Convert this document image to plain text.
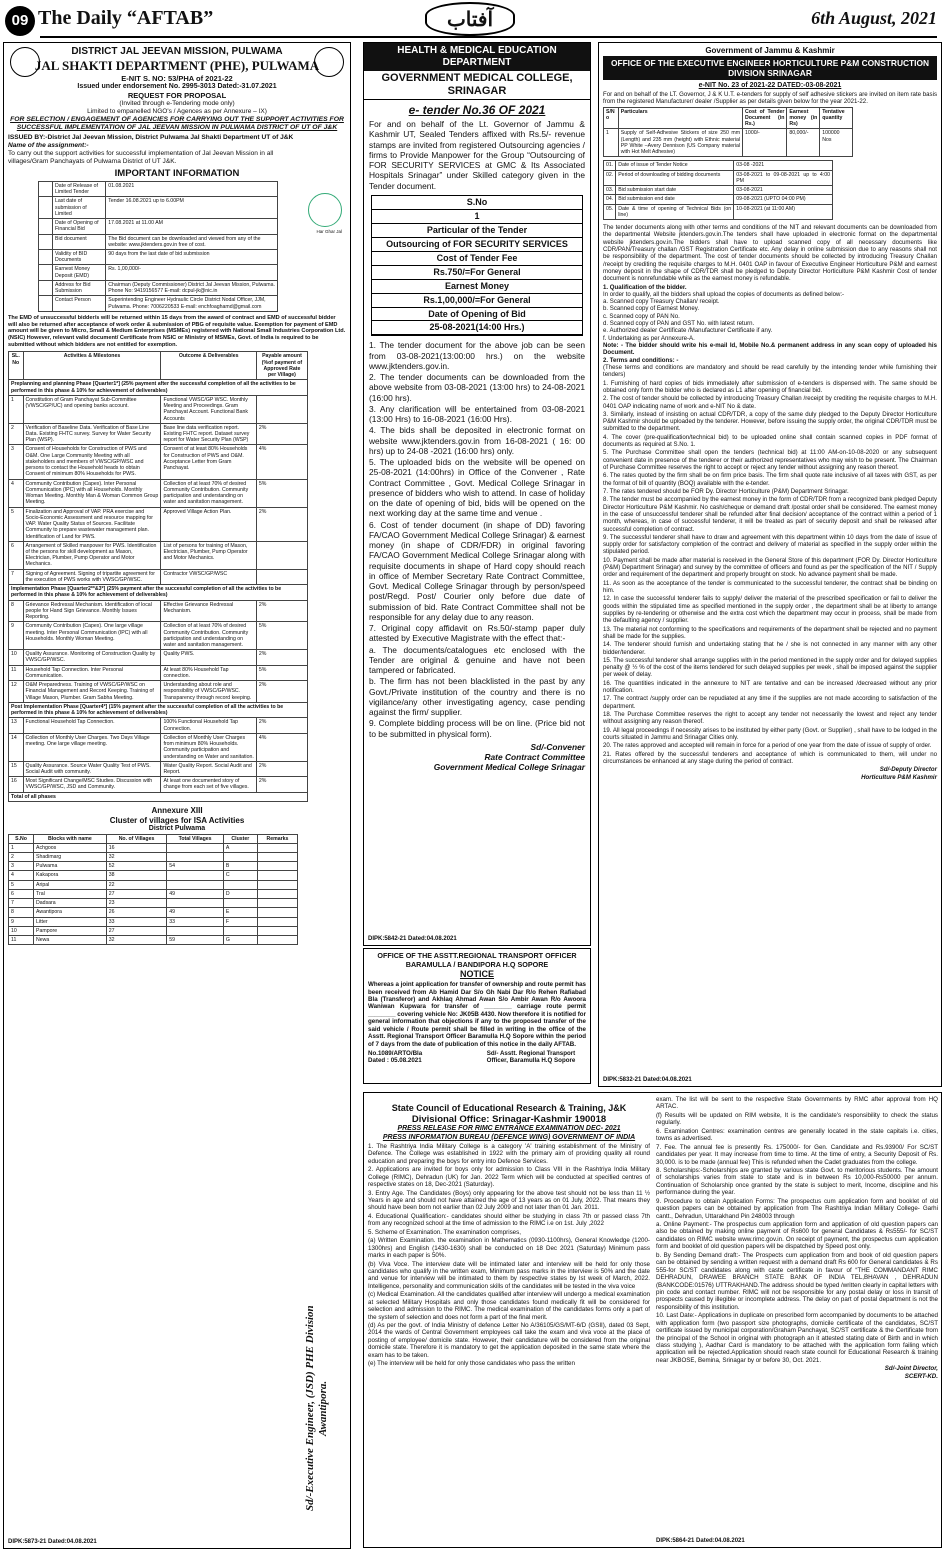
09 The Daily “AFTAB”	آفتاب	6th August, 2021
DISTRICT JAL JEEVAN MISSION, PULWAMA
JAL SHAKTI DEPARTMENT (PHE), PULWAMA
E-NIT S. NO: 53/PHA of 2021-22
Issued under endorsement No. 2995-3013 Dated:-31.07.2021
REQUEST FOR PROPOSAL
(Invited through e-Tendering mode only)
Limited to empanelled NGO's / Agences as per Annexure – IX)
FOR SELECTION / ENGAGEMENT OF AGENCIES FOR CARRYING OUT THE SUPPORT ACTIVITIES FOR SUCCESSFUL IMPLEMENTATION OF JAL JEEVAN MISSION IN PULWAMA DISTRICT OF UT OF J&K
ISSUED BY:-District Jal Jeevan Mission, District Pulwama Jal Shakti Department UT of J&K
Name of the assignment:-
To carry out the support activities for successful implementation of Jal Jeevan Mission in all villages/Gram Panchayats of Pulwama District of UT J&K.
Har Ghar Jal
IMPORTANT INFORMATION
	Date of Release of Limited Tender	01.08.2021
	Last date of submission of Limited	Tender 16.08.2021 up to 6.00PM
	Date of Opening of Financial Bid	17.08.2021 at 11.00 AM
	Bid document	The Bid document can be downloaded and viewed from any of the website: www.jktenders.gov.in free of cost.
	Validity of BID Documents	90 days from the last date of bid submission
	Earnest Money Deposit (EMD)	Rs. 1,00,000/-
	Address for Bid Submission	Chairman (Deputy Commissioner) District Jal Jeevan Mission, Pulwama. Phone No: 9419156577 E-mail: dcpul-jk@nic.in
	Contact Person	Superintending Engineer Hydraulic Circle District Nodal Officer, JJM, Pulwama. Phone: 7006220533 E-mail: enchfoaghamd@gmail.com
The EMD of unsuccessful bidder/s will be returned within 15 days from the award of contract and EMD of successful bidder will also be returned after acceptance of work order & submission of PBG of requisite value. Exemption for payment of EMD amount will be given to Micro, Small & Medium Enterprises (MSMEs) registered with National Small Industries Corporation Ltd.(NSIC) However, relevant valid document/ Certificate from NSIC or Ministry of MSMEs, Govt. of India is required to be submitted without which bidders are not entitled for exemption.
SL. No	Activities & Milestones	Outcome & Deliverables	Payable amount (%of payment of Approved Rate per Village)
Preplanning and planning Phase [Quarter1*] (25% payment after the successful completion of all the activities to be performed in this phase & 10% for achievement of deliverables)			
1	Constitution of Gram Panchayat Sub-Committee (VWSC/GP/UC) and opening banks account.	Functional VWSC/GP WSC. Monthly Meeting and Proceedings. Gram Panchayat Account. Functional Bank Accounts	
2	Verification of Baseline Data. Verification of Base Line Data. Existing FHTC survey. Survey for Water Security Plan (WSP).	Base line data verification report. Existing FHTC report. Dataset survey report for Water Security Plan (WSP)	2%
3	Consent of Households for Construction of PWS and O&M. One Large Community Meeting with all stakeholders and members of VWSC/GP/WSC and persons to contact the Household heads to obtain Consent of minimum 80% Households for PWS.	Consent of at least 80% Households for Construction of PWS and O&M. Acceptance Letter from Gram Panchayat.	4%
4	Community Contribution (Capex). Inter Personal Communication (IPC) with all Households. Monthly Woman Meeting. Monthly Man & Woman Common Group Meeting.	Collection of at least 70% of desired Community Contribution. Community participation and understanding on water and sanitation management.	5%
5	Finalization and Approval of VAP. PRA exercise and Socio-Economic Assessment and resource mapping for VAP. Water Quality Status of Sources. Facilitate Community to prepare wastewater management plan. Identification of Land for PWS.	Approved Village Action Plan.	2%
6	Arrangement of Skilled manpower for PWS. Identification of the persons for skill development as Mason, Electrician, Plumber, Pump Operator and Motor Mechanics.	List of persons for training of Mason, Electrician, Plumber, Pump Operator and Motor Mechanics.	
7	Signing of Agreement. Signing of tripartite agreement for the execution of PWS works with VWSC/GP/WSC.	Contractor VWSC/GP/WSC	
Implementation Phase [Quarter2**&3*] (25% payment after the successful completion of all the activities to be performed in this phase & 10% for achievement of deliverables)			
8	Grievance Redressal Mechanism. Identification of local people for Hand Sign Grievance. Monthly Issues Reporting.	Effective Grievance Redressal Mechanism.	2%
9	Community Contribution (Capex). One large village meeting. Inter Personal Communication (IPC) with all Households. Monthly Woman Meeting.	Collection of at least 70% of desired Community Contribution. Community participation and understanding on water and sanitation management.	5%
10	Quality Assurance. Monitoring of Construction Quality by VWSC/GP/WSC.	Quality PWS.	2%
11	Household Tap Connection. Inter Personal Communication.	At least 80% Household Tap connection.	5%
12	O&M Preparedness. Training of VWSC/GP/WSC on Financial Management and Record Keeping. Training of Village Mason, Plumber. Gram Sabha Meeting.	Understanding about role and responsibility of VWSC/GP/WSC. Transparency through record keeping.	2%
Post Implementation Phase [Quarter4*] (15% payment after the successful completion of all the activities to be performed in this phase & 10% for achievement of deliverables)			
13	Functional Household Tap Connection.	100% Functional Household Tap Connection.	2%
14	Collection of Monthly User Charges. Two Days Village meeting. One large village meeting.	Collection of Monthly User Charges from minimum 80% Households. Community participation and understanding on Water and sanitation.	4%
15	Quality Assurance. Source Water Quality Test of PWS. Social Audit with community.	Water Quality Report. Social Audit and Report.	2%
16	Most Significant Change/MSC Studies. Discussion with VWSC/GP/WSC, JSD and Community.	At least one documented story of change from each set of five villages.	2%
Total of all phases			
Annexure XIII
Cluster of villages for ISA Activities
District Pulwama
S.No	Blocks with name	No. of Villages	Total Villages	Cluster	Remarks
1	Achgoos	16		A	
2	Shadimarg	32			
3	Pulwama	52	54	B	
4	Kakapora	38		C	
5	Aripal	22			
6	Tral	27	49	D	
7	Dadsara	23			
8	Awantipora	26	49	E	
9	Litter	33	33	F	
10	Pampore	27			
11	Newa	32	59	G	
Sd/-Executive Engineer, (JSD) PHE Division Awantipora.
DIPK:5873-21 Dated:04.08.2021
HEALTH & MEDICAL EDUCATION DEPARTMENT
GOVERNMENT MEDICAL COLLEGE, SRINAGAR
e- tender No.36 OF 2021

For and on behalf of the Lt. Governor of Jammu & Kashmir UT, Sealed Tenders affixed with Rs.5/- revenue stamps are invited from registered Outsourcing agencies / firms to Provide Manpower for the Group “Outsourcing of FOR SECURITY SERVICES at GMC & Its Associated Hospitals Srinagar” under Skilled category given in the Tender document.

S.No
1
Particular of the Tender
Outsourcing of FOR SECURITY SERVICES
Cost of Tender Fee
Rs.750/=For General
Earnest Money
Rs.1,00,000/=For General
Date of Opening of Bid
25-08-2021(14:00 Hrs.)

1. The tender document for the above job can be seen from 03-08-2021(13:00:00 hrs.) on the website www.jktenders.gov.in.

2. The tender documents can be downloaded from the above website from 03-08-2021 (13:00 hrs) to 24-08-2021 (16:00 hrs).

3. Any clarification will be entertained from 03-08-2021 (13:00 Hrs) to 16-08-2021 (16:00 Hrs).

4. The bids shall be deposited in electronic format on website www.jktenders.gov.in from 16-08-2021 ( 16: 00 hrs) up to 24-08 -2021 (16:00 hrs) only.

5. The uploaded bids on the website will be opened on 25-08-2021 (14:00hrs) in Office of the Convener , Rate Contract Committee , Govt. Medical College Srinagar in presence of bidders who wish to attend. In case of holiday on the date of opening of bid, bids will be opened on the next working day at the same time and venue .

6. Cost of tender document (in shape of DD) favoring FA/CAO Government Medical College Srinagar) & earnest money (in shape of CDR/FDR) in original favoring FA/CAO Government Medical College Srinagar along with requisite documents in shape of Hard copy should reach in office of Member Secretary Rate Contract Committee, Govt. Medical College Srinagar through by person/speed post/Regd. Post/ Courier only before due date of submission of bid. Rate Contract Committee shall not be responsible for any delay due to any reason.

7. Original copy affidavit on Rs.50/-stamp paper duly attested by Executive Magistrate with the effect that:-

a. The documents/catalogues etc enclosed with the Tender are original & genuine and have not been tampered or fabricated.

b. The firm has not been blacklisted in the past by any Govt./Private institution of the country and there is no vigilance/any other investigating agency, case pending against the firm/ supplier.

9. Complete bidding process will be on line. (Price bid not to be submitted in physical form).

Sd/-Convener
Rate Contract Committee
Government Medical College Srinagar
DIPK:5842-21 Dated:04.08.2021
OFFICE OF THE ASSTT.REGIONAL TRANSPORT OFFICER BARAMULLA / BANDIPORA H.Q SOPORE
NOTICE

Whereas a joint application for transfer of ownership and route permit has been received from Ab Hamid Dar S/o Gh Nabi Dar R/o Rehen Rafiabad Bla (Transferor) and Akhlaq Ahmad Awan S/o Ambir Awan R/o Awoora Waniwan Kupwara for transfer of ________ carriage route permit ________ covering vehicle No: JK05B 4430. Now therefore it is notified for general information that objections if any to the proposed transfer of the said vehicle / Route permit shall be filled in writing in the office of the Asstt. Regional Transport Officer Baramulla H.Q Sopore within the period of 7 days from the date of publication of this notice in the daily AFTAB.

No.1089/ARTO/Bla
Dated : 05.08.2021
Sd/- Asstt. Regional Transport Officer, Baramulla H.Q Sopore
Government of Jammu & Kashmir
OFFICE OF THE EXECUTIVE ENGINEER HORTICULTURE P&M CONSTRUCTION DIVISION SRINAGAR
e-NIT No. 23 of 2021-22 DATED:-03-08-2021

For and on behalf of the LT. Governor, J & K U.T. e-tenders for supply of self adhesive stickers are invited on item rate basis from the registered Manufacturer/ dealer /Supplier as per details given below for the year 2021-22.

S/N o	Particulars	Cost of Tender Document (in Rs.)	Earnest money (in Rs)	Tentative quantity
1	Supply of Self-Adhesive Stickers of size 250 mm (Length) and 235 mm (height) with Ethnic material PP White –Avery Dennison (US Company material with Hot Melt Adhesive)	1000/-	80,000/-	100000 Nos
01.	Date of issue of Tender Notice	03-08 -2021
02.	Period of downloading of bidding documents	03-08-2021 to 09-08-2021 up to 4:00 PM
03.	Bid submission start date	03-08-2021
04.	Bid submission end date	09-08-2021 (UPTO 04:00 PM)
05.	Date & time of opening of Technical Bids (on line)	10-08-2021 (at 11:00 AM)

The tender documents along with other terms and conditions of the NIT and relevant documents can be downloaded from the departmental Website jktenders.gov.in.The tenders shall have uploaded in electronic format on the departmental website jktenders.gov.in.The bidders shall have to upload scanned copy of all necessary documents like CDR/PAN/Treasury challan /GST Registration Certificate etc. Any delay in online submission due to any reasons shall not be responsibility of the department. The cost of tender documents should be collected by introducing Treasury Challan /receipt by crediting the requisite charges to M.H. 0401 OAP in favour of Executive Engineer Horticulture P&M and earnest money deposit in the shape of CDR/TDR shall be pledged to Deputy Director Horticulture P&M Kashmir Cost of tender document is nonrefundable while as the earnest money is refundable.

1. Qualification of the bidder.
In order to qualify, all the bidders shall upload the copies of documents as defined below:-
a. Scanned copy Treasury Challan/ receipt.
b. Scanned copy of Earnest Money.
c. Scanned copy of PAN No.
d. Scanned copy of PAN and GST No. with latest return.
e. Authorized dealer Certificate /Manufacturer Certificate if any.
f. Undertaking as per Annexure-A.
Note: - The bidder should write his e-mail Id, Mobile No.& permanent address in any scan copy of uploaded his Document.
2. Terms and conditions: -
(These terms and conditions are mandatory and should be read carefully by the intending tender while furnishing their tenders)

1. Furnishing of hard copies of bids immediately after submission of e-tenders is dispensed with. The same should be obtained only form the bidder who is declared as L1 after opening of financial bid.

2. The cost of tender should be collected by introducing Treasury Challan /receipt by crediting the requisite charges to M.H. 0401 OAP indicating name of work and e-NIT No & date.

3. Similarly, instead of insisting on actual CDR/TDR, a copy of the same duly pledged to the Deputy Director Horticulture P&M Kashmir should be uploaded by the tenderer. However, before issuing the supply order, the original CDR/TDR must be submitted to the department.

4. The cover (pre-qualification/technical bid) to be uploaded online shall contain scanned copies in PDF format of documents as required at S.No. 1.

5. The Purchase Committee shall open the tenders (technical bid) at 11:00 AM-on-10-08-2020 or any subsequent convenient date in presence of the tenderer or their authorized representatives who may wish to be present. The Chairman of Purchase Committee reserves the right to accept or reject any tender without assigning any reason thereof.

6. The rates quoted by the firm shall be on firm price basis. The firm shall quote rate inclusive of all taxes with GST, as per the format of bill of quantity (BOQ) available with the e-tender.

7. The rates tendered should be FOR Dy. Director Horticulture (P&M) Department Srinagar.

8. The tender must be accompanied by the earnest money in the form of CDR/TDR from a recognized bank pledged Deputy Director Horticulture P&M Kashmir. No cash/cheque or demand draft /postal order shall be considered. The earnest money in the case of unsuccessful tenderer shall be refunded after final decision/ acceptance of the contract within a period of 1 month, whereas, in case of successful tenderer, it will be treated as part of security deposit and shall be released after successful completion of contract.

9. The successful tenderer shall have to draw and agreement with this department within 10 days from the date of issue of supply order for satisfactory completion of the contract and delivery of material as specified in the supply order within the stipulated period.

10. Payment shall be made after material is received in the General Store of this department (FOR Dy. Director Horticulture (P&M) Department Srinagar) and survey by the committee of officers and found as per the specification of the NIT / Supply order and requirement of the department and properly brought on stock. No advance payment shall be made.

11. As soon as the acceptance of the tender is communicated to the successful tenderer, the contract shall be binding on him.

12. In case the successful tenderer fails to supply/ deliver the material of the prescribed specification or fail to deliver the goods within the stipulated time as specified mentioned in the supply order , the department shall be at liberty to arrange supplies by re-tendering or otherwise and the extra cost which the department may occur in process, shall be made from the defaulting agency / supplier.

13. The material not conforming to the specifications and requirements of the department shall be rejected and no payment shall be made for the supplies.

14. The tenderer should furnish and undertaking stating that he / she is not connected in any manner with any other bidder/tenderer.

15. The successful tenderer shall arrange supplies with in the period mentioned in the supply order and for delayed supplies penalty @ ½ % of the cost of the items tendered for such delayed supplies per week , shall be imposed against the supplier per week of delay.

16. The quantities indicated in the annexure to NIT are tentative and can be increased /decreased without any prior notification.

17. The contract /supply order can be repudiated at any time if the supplies are not made according to satisfaction of the department.

18. The Purchase Committee reserves the right to accept any tender not necessarily the lowest and reject any tender without assigning any reason thereof.

19. All legal proceedings if necessity arises to be instituted by either party (Govt. or Supplier) , shall have to be lodged in the courts situated in Jammu and Srinagar Cities only.

20. The rates approved and accepted will remain in force for a period of one year from the date of issue of supply of order.

21. Rates offered by the successful tenderers and acceptance of which is communicated to them, will under no circumstances be enhanced at any stage during the period of contract.

Sd/-Deputy Director
Horticulture P&M Kashmir
DIPK:5832-21 Dated:04.08.2021
State Council of Educational Research & Training, J&K
Divisional Office: Srinagar-Kashmir 190018
PRESS RELEASE FOR RIMC ENTRANCE EXAMINATION DEC- 2021
PRESS INFORMATION BUREAU (DEFENCE WING) GOVERNMENT OF INDIA

1. The Rashtriya India Military College is a category 'A' training establishment of the Ministry of Defence. The College was established in 1922 with the primary aim of providing quality all round education and preparing the boys for entry into Defence Services.

2. Applications are invited for boys only for admission to Class VIII in the Rashtriya India Military College (RIMC), Dehradun (UK) for Jan. 2022 Term which will be conducted at specified centres of respective states on 18, Dec-2021 (Saturday).

3. Entry Age. The Candidates (Boys) only appearing for the above test should not be less than 11 ½ Years in age and should not have attained the age of 13 years as on 01 July, 2022. That means they should have been born not earlier than 02 July 2009 and not later than 01 Jan. 2011.

4. Educational Qualification:- candidates should either be studying in class 7th or passed class 7th from any recognized school at the time of admission to the RIMC i.e on 1st. July ,2022

5. Scheme of Examination. The examination comprises,

(a) Written Examination. the examination in Mathematics (0930-1100hrs), General Knowledge (1200-1300hrs) and English (1430-1630) shall be conducted on 18 Dec 2021 (Saturday) Minimum pass marks in each paper is 50%.

(b) Viva Voce. The interview date will be intimated later and interview will be held for only those candidates who qualify in the written exam, Minimum pass marks in the interview is 50% and the date and venue for interview will be intimated to them by respective states by Ist week of March, 2022. Intelligence, personality and communication skills of the candidates will be tested in the viva voice

(c) Medical Examination. All the candidates qualified after interview will undergo a medical examination at selected Military Hospitals and only those candidates found medically fit will be considered for selection and admission to the RIMC. The medical examination of the candidates forms only a part of the system of selection and does not form a part of the final merit.

(d) As per the govt. of India Ministry of defence Letter No A/36105/GS/MT-6/D (GSII), dated 03 Sept, 2014 the wards of Central Government employees call take the exam and viva voce at the place of posting of employee/ domicile state. However, their candidature will be considered from the original domicile state. Therefore it is mandatory to get the application deposited in the same state where the exam has to be taken.

(e) The interview will be held for only those candidates who pass the written

exam. The list will be sent to the respective State Governments by RMC after approval from HQ ARTAC.

(f) Results will be updated on RIM website, It is the candidate's responsibility to check the status regularly.

6. Examination Centres: examination centres are generally located in the state capitals i.e. cities, towns as advertised.

7. Fee. The annual fee is presently Rs. 175000/- for Gen. Candidate and Rs.93900/ For SC/ST candidates per year. It may increase from time to time. At the time of entry, a Security Deposit of Rs. 30,000. is to be made (annual fee) This is refunded when the Cadet graduates from the college.

8. Scholarships:-Scholarships are granted by various state Govt. to meritorious students. The amount of scholarships varies from state to state and is in between Rs 10,000-Rs50000 per annum. Continuation of Scholarship once granted by the state is subject to merit, Income, discipline and his performance during the year.

9. Procedure to obtain Application Forms: The prospectus cum application form and booklet of old question papers can be obtained by application from The Rashtriya Indian Military College- Garhi cantt., Dehradun, Uttarakhand Pin 248003 through

a. Online Payment:- The prospectus cum application form and application of old question papers can also be obtained by making online payment of Rs600 for general Candidates & Rs555/- for SC/ST candidates on RIMC website www.rimc.gov.in. On receipt of payment, the prospectus cum application form and booklet of old question papers will be dispatched by Speed post only.

b. By Sending Demand draft:- The Prospects cum application from and book of old question papers can be obtained by sending a written request with a demand draft Rs 600 for General candidates & Rs 555-for SC/ST candidates along with caste certificate in favour of “THE COMMANDANT RIMC DEHRADUN, DRAWEE BRANCH STATE BANK OF INDIA TEL,BHAVAN , DEHRADUN (BANKCODE:01576) UTTRAKHAND.The address should be typed /written clearly in capital letters with pin code and contact number. RIMC will not be responsible for any postal delay or loss in transit of prospects caused by illegible or incomplete address. The delay on part of postal department is not the responsibility of this institution.

10. Last Date:- Applications in duplicate on prescribed form accompanied by documents to be attached with application form (two passport size photographs, domicile certificate of the candidates, SC/ST certificate issued by municipal corporation/Graham Panchayat, SC/ST certificate & the Certificate from the principal of the School in original with photograph an it attested stating date of Birth and in which class studying ), Aadhar Card is mandatory to be attached with the application form failing which application will be rejected.Application should reach state council for Educational Research & training near JKBOSE, Bemina, Srinagar by or before 30, Oct. 2021.

Sd/-Joint Director,
SCERT-KD.
DIPK:5864-21 Dated:04.08.2021
